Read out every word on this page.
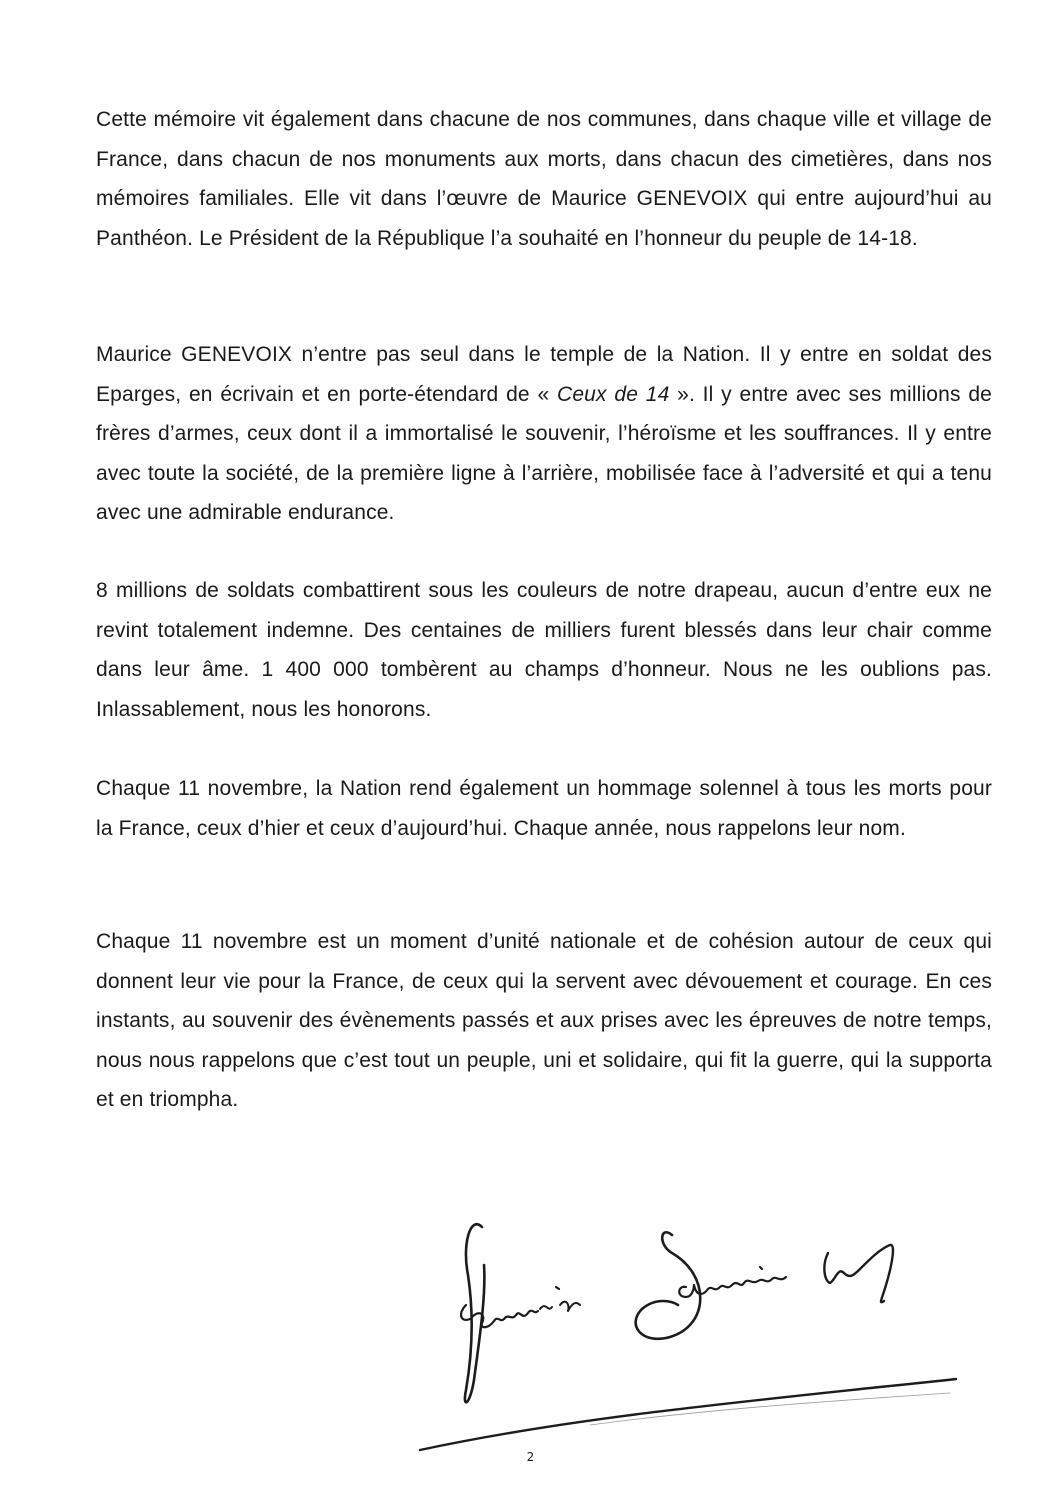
Cette mémoire vit également dans chacune de nos communes, dans chaque ville et village de France, dans chacun de nos monuments aux morts, dans chacun des cimetières, dans nos mémoires familiales. Elle vit dans l’œuvre de Maurice GENEVOIX qui entre aujourd’hui au Panthéon. Le Président de la République l’a souhaité en l’honneur du peuple de 14-18.

Maurice GENEVOIX n’entre pas seul dans le temple de la Nation. Il y entre en soldat des Eparges, en écrivain et en porte-étendard de « Ceux de 14 ». Il y entre avec ses millions de frères d’armes, ceux dont il a immortalisé le souvenir, l’héroïsme et les souffrances. Il y entre avec toute la société, de la première ligne à l’arrière, mobilisée face à l’adversité et qui a tenu avec une admirable endurance.

8 millions de soldats combattirent sous les couleurs de notre drapeau, aucun d’entre eux ne revint totalement indemne. Des centaines de milliers furent blessés dans leur chair comme dans leur âme. 1 400 000 tombèrent au champs d’honneur. Nous ne les oublions pas. Inlassablement, nous les honorons.

Chaque 11 novembre, la Nation rend également un hommage solennel à tous les morts pour la France, ceux d’hier et ceux d’aujourd’hui. Chaque année, nous rappelons leur nom.

Chaque 11 novembre est un moment d’unité nationale et de cohésion autour de ceux qui donnent leur vie pour la France, de ceux qui la servent avec dévouement et courage. En ces instants, au souvenir des évènements passés et aux prises avec les épreuves de notre temps, nous nous rappelons que c’est tout un peuple, uni et solidaire, qui fit la guerre, qui la supporta et en triompha.

2
